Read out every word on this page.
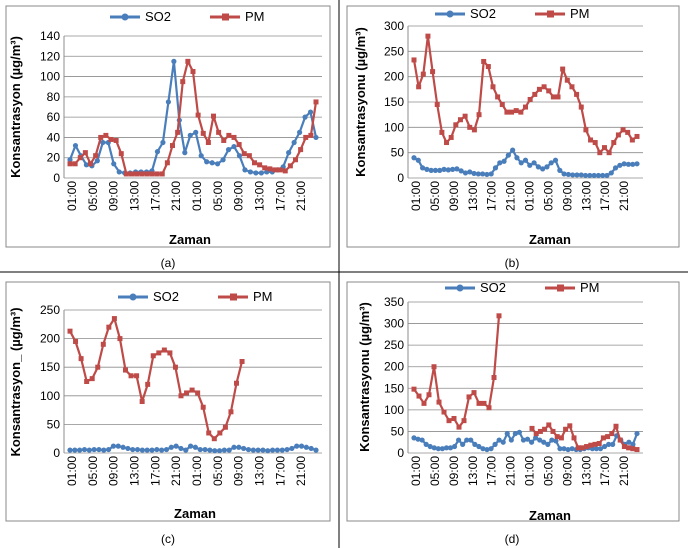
0
20
40
60
80
100
120
140
01:00 05:00 09:00 13:00 17:00 21:00 01:00 05:00 09:00 13:00 17:00 21:00
Zaman
Konsantrasyon (µg/m³)
SO2	PM
0
50
100
150
200
250
300
01:00 05:00 09:00 13:00 17:00 21:00 01:00 05:00 09:00 13:00 17:00 21:00
Zaman
Konsantrasyonu (µg/m³)
SO2	PM
0
50
100
150
200
250
01:00 05:00 09:00 13:00 17:00 21:00 01:00 05:00 09:00 13:00 17:00 21:00
Zaman
Konsantrasyon_ (µg/m³)
SO2	PM
0
50
100
150
200
250
300
350
01:00 05:00 09:00 13:00 17:00 21:00 01:00 05:00 09:00 13:00 17:00 21:00
Zaman
Konsantrasyonu (µg/m³)
SO2	PM
(a)	(b)
(c)	(d)
